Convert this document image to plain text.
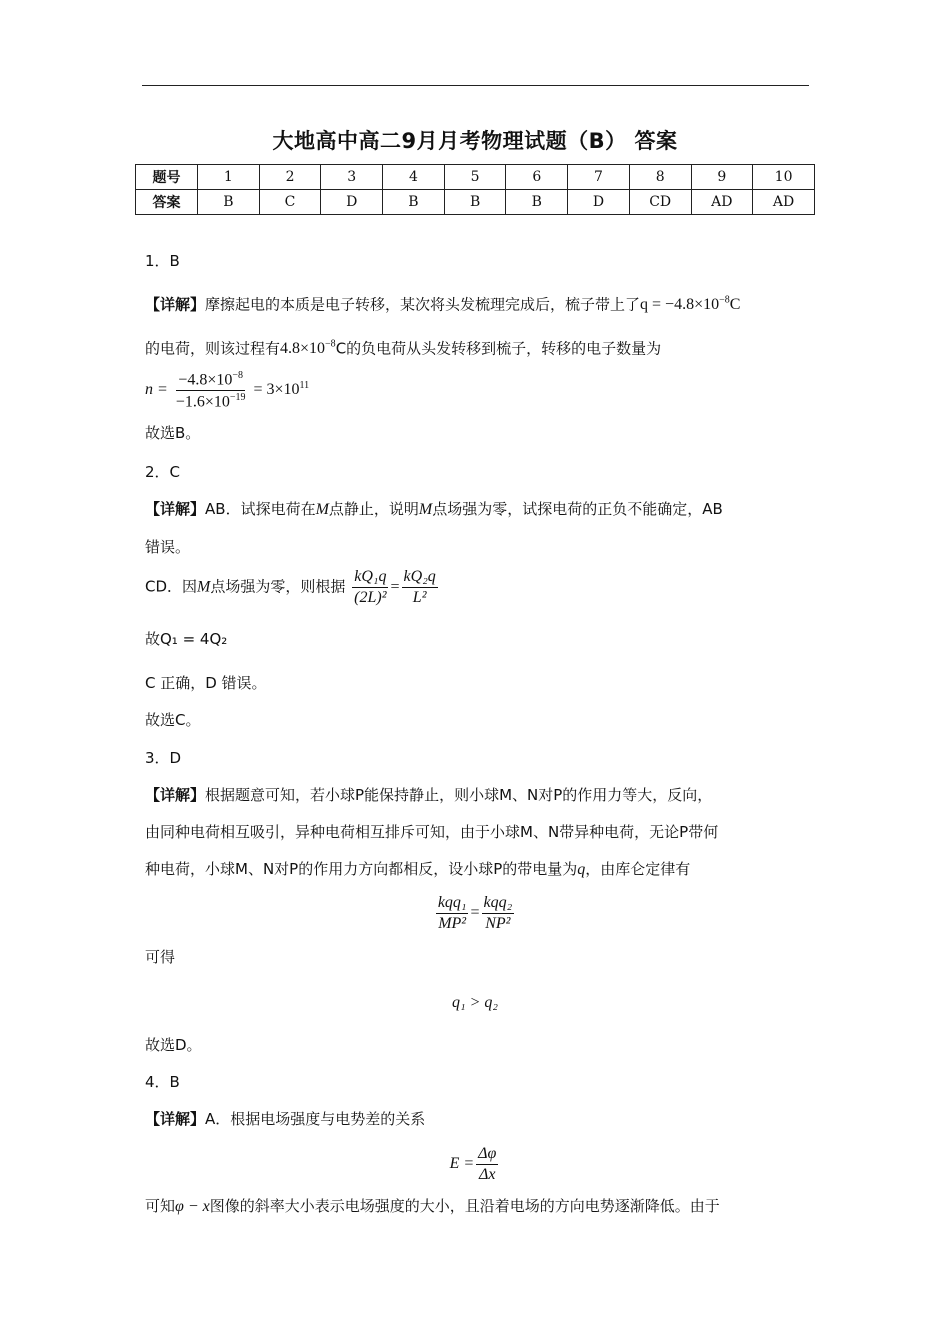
大地高中高二9月月考物理试题（B） 答案
题号	1	2	3	4	5	6	7	8	9	10
答案	B	C	D	B	B	B	D	CD	AD	AD
1．B
【详解】摩擦起电的本质是电子转移，某次将头发梳理完成后，梳子带上了$q = -4.8\times 10^{-8}C$
的电荷，则该过程有$4.8\times 10^{-8}C$的负电荷从头发转移到梳子，转移的电子数量为
$n = \frac{-4.8\times 10^{-8}}{-1.6\times 10^{-19}} = 3\times 10^{11}$
故选B。
2．C
【详解】AB．试探电荷在M点静止，说明M点场强为零，试探电荷的正负不能确定，AB
错误。
CD．因M点场强为零，则根据 $\frac{\text{kQ₁q}}{\text{(2L)²}} = \frac{\text{kQ₂q}}{\text{L²}}$
故Q₁ = 4Q₂
C 正确，D 错误。
故选C。
3．D
【详解】根据题意可知，若小球P能保持静止，则小球M、N对P的作用力等大，反向，
由同种电荷相互吸引，异种电荷相互排斥可知，由于小球M、N带异种电荷，无论P带何
种电荷，小球M、N对P的作用力方向都相反，设小球P的带电量为q，由库仑定律有
$\frac{\text{kqq₁}}{\text{MP²}} = \frac{\text{kqq₂}}{\text{NP²}}$
可得
q₁ > q₂
故选D。
4．B
【详解】A．根据电场强度与电势差的关系
$E = \frac{\Delta\varphi}{\Delta x}$
可知φ − x图像的斜率大小表示电场强度的大小，且沿着电场的方向电势逐渐降低。由于
